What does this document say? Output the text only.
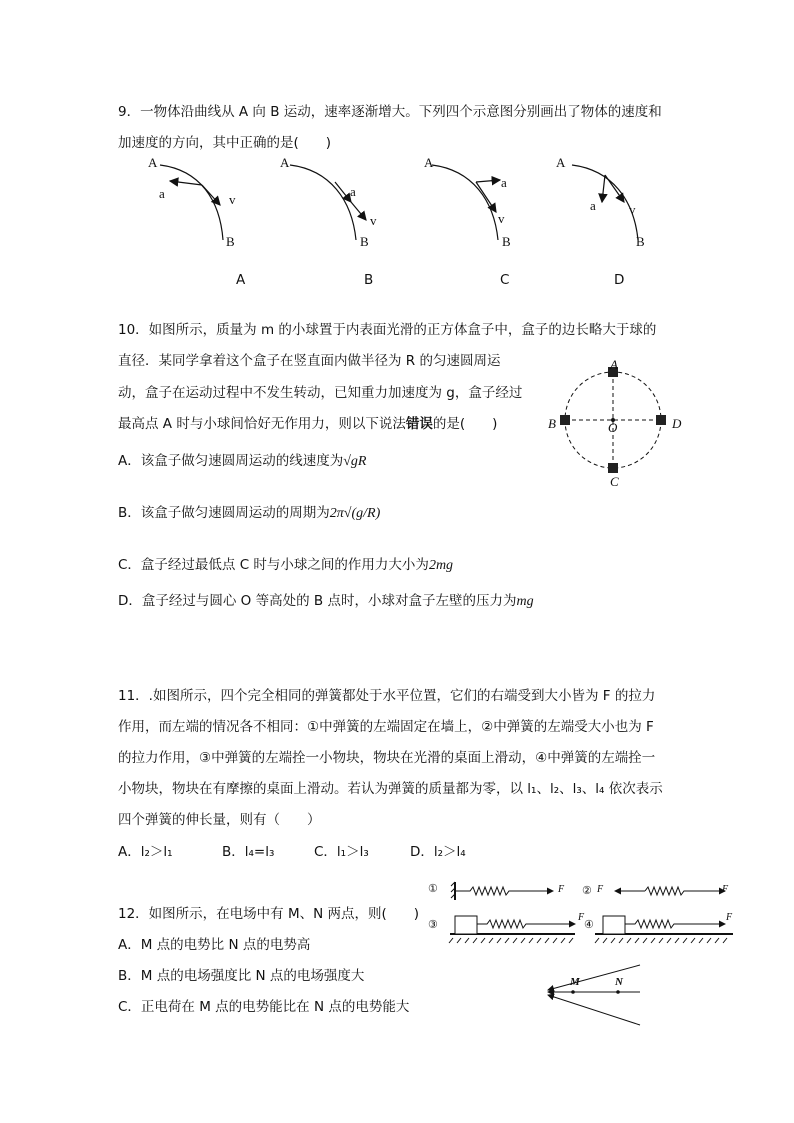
9．一物体沿曲线从 A 向 B 运动，速率逐渐增大。下列四个示意图分别画出了物体的速度和
加速度的方向，其中正确的是(　　)
A
a	v
B
A
a
v
B
A
a
v
B
A
a	v
B
A	B	C	D
10．如图所示，质量为 m 的小球置于内表面光滑的正方体盒子中，盒子的边长略大于球的
直径．某同学拿着这个盒子在竖直面内做半径为 R 的匀速圆周运
动，盒子在运动过程中不发生转动，已知重力加速度为 g，盒子经过
最高点 A 时与小球间恰好无作用力，则以下说法错误的是(　　)
A．该盒子做匀速圆周运动的线速度为√gR
B．该盒子做匀速圆周运动的周期为2π√(g/R)
C．盒子经过最低点 C 时与小球之间的作用力大小为2mg
D．盒子经过与圆心 O 等高处的 B 点时，小球对盒子左壁的压力为mg
A
B	D
O
C
11．.如图所示，四个完全相同的弹簧都处于水平位置，它们的右端受到大小皆为 F 的拉力
作用，而左端的情况各不相同：①中弹簧的左端固定在墙上，②中弹簧的左端受大小也为 F
的拉力作用，③中弹簧的左端拴一小物块，物块在光滑的桌面上滑动，④中弹簧的左端拴一
小物块，物块在有摩擦的桌面上滑动。若认为弹簧的质量都为零，以 l₁、l₂、l₃、l₄ 依次表示
四个弹簧的伸长量，则有（　　）
A．l₂＞l₁	B．l₄=l₃	C．l₁＞l₃	D．l₂＞l₄
①	②
③	④
F	F	F
F	F
12．如图所示，在电场中有 M、N 两点，则(　　)
A．M 点的电势比 N 点的电势高
B．M 点的电场强度比 N 点的电场强度大
C．正电荷在 M 点的电势能比在 N 点的电势能大
M	N
